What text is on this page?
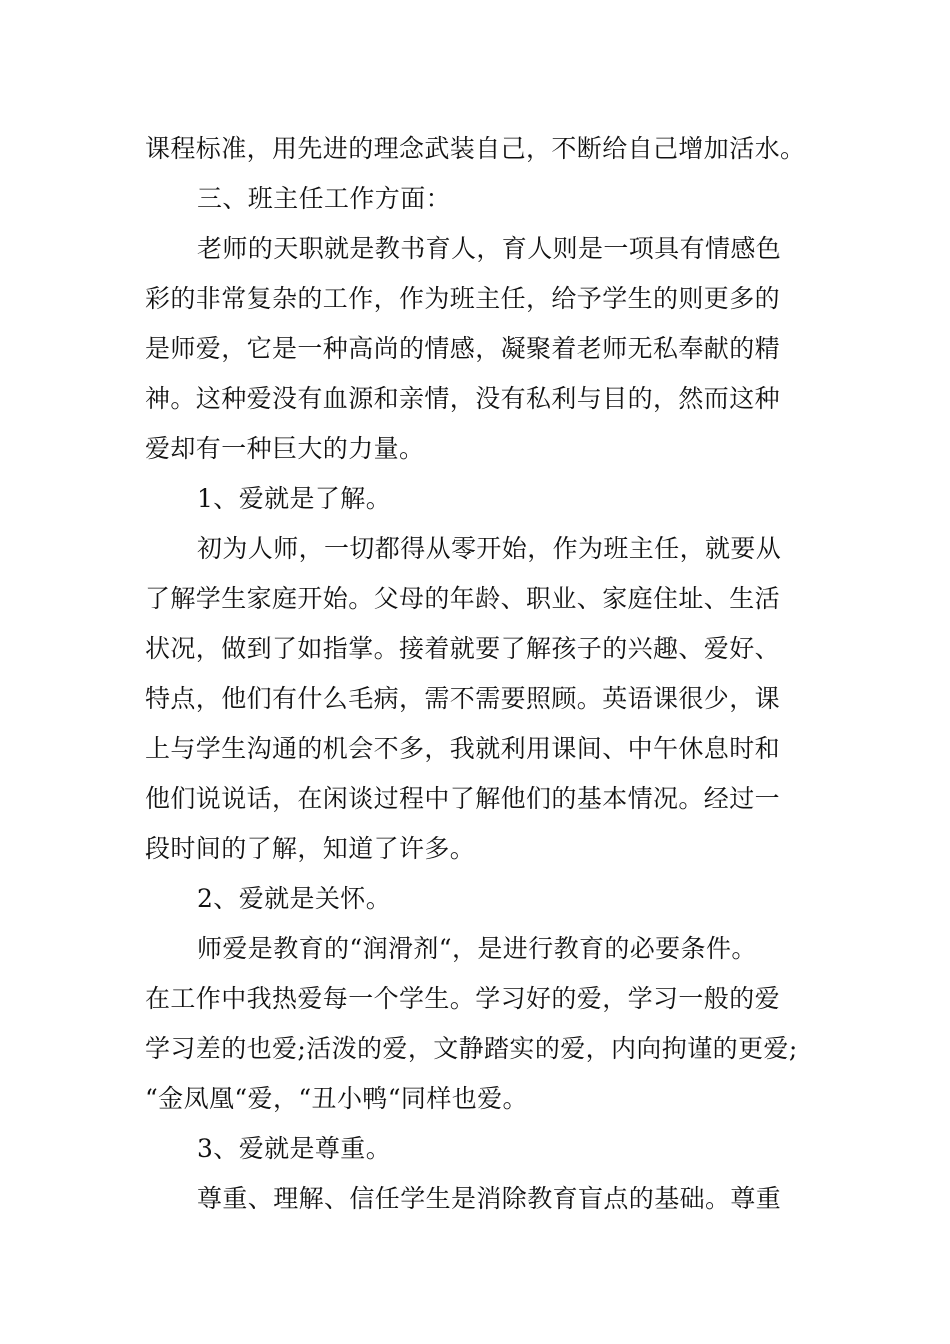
课程标准，用先进的理念武装自己，不断给自己增加活水。
三、班主任工作方面：
老师的天职就是教书育人，育人则是一项具有情感色
彩的非常复杂的工作，作为班主任，给予学生的则更多的
是师爱，它是一种高尚的情感，凝聚着老师无私奉献的精
神。这种爱没有血源和亲情，没有私利与目的，然而这种
爱却有一种巨大的力量。
1、爱就是了解。
初为人师，一切都得从零开始，作为班主任，就要从
了解学生家庭开始。父母的年龄、职业、家庭住址、生活
状况，做到了如指掌。接着就要了解孩子的兴趣、爱好、
特点，他们有什么毛病，需不需要照顾。英语课很少，课
上与学生沟通的机会不多，我就利用课间、中午休息时和
他们说说话，在闲谈过程中了解他们的基本情况。经过一
段时间的了解，知道了许多。
2、爱就是关怀。
师爱是教育的“润滑剂“，是进行教育的必要条件。
在工作中我热爱每一个学生。学习好的爱，学习一般的爱
学习差的也爱;活泼的爱，文静踏实的爱，内向拘谨的更爱;
“金凤凰“爱，“丑小鸭“同样也爱。
3、爱就是尊重。
尊重、理解、信任学生是消除教育盲点的基础。尊重
